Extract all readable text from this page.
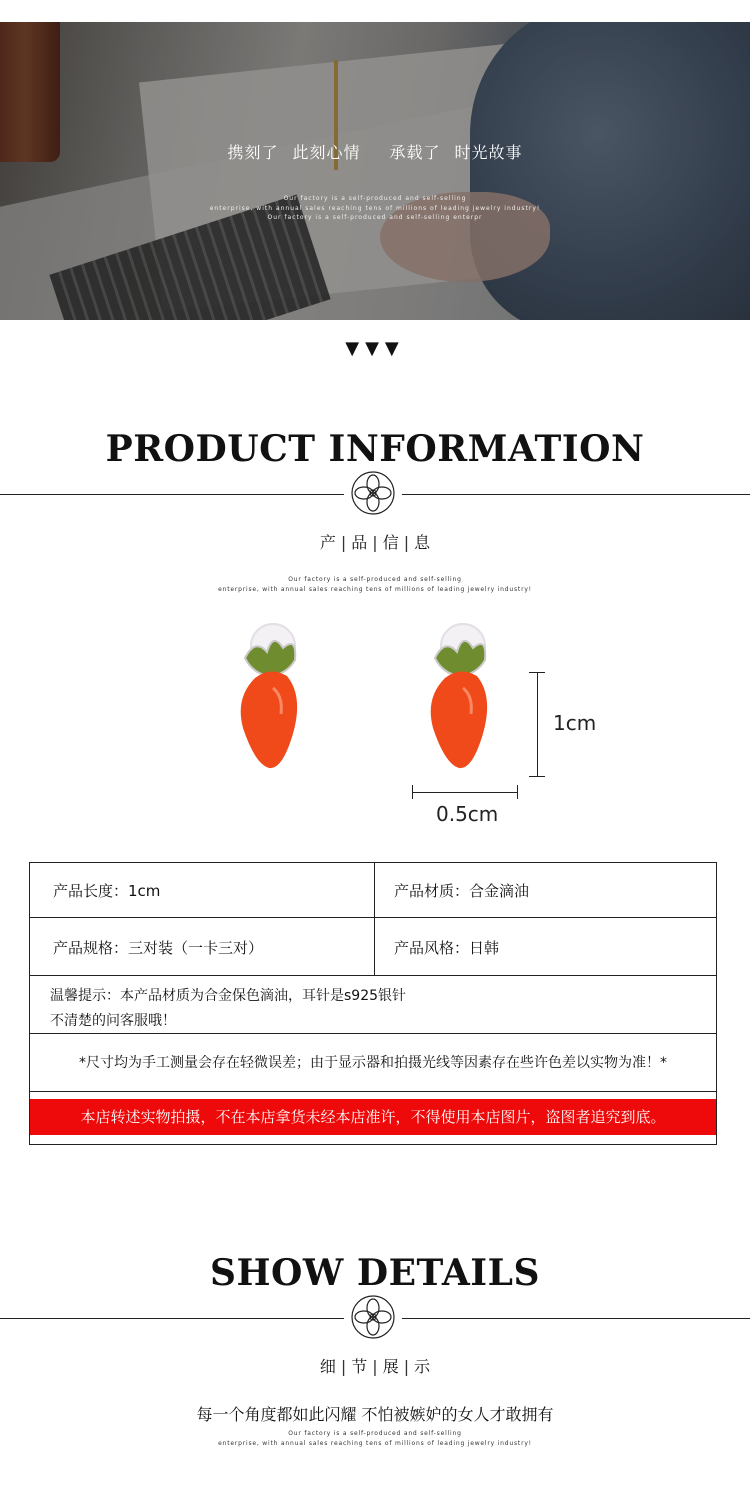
携刻了 此刻心情 承载了 时光故事
Our factory is a self-produced and self-selling
enterprise, with annual sales reaching tens of millions of leading jewelry industry!
Our factory is a self-produced and self-selling enterpr
▼▼▼
PRODUCT INFORMATION
产 | 品 | 信 | 息
Our factory is a self-produced and self-selling
enterprise, with annual sales reaching tens of millions of leading jewelry industry!
1cm
0.5cm
产品长度：1cm	产品材质：合金滴油
产品规格：三对装（一卡三对）	产品风格：日韩
温馨提示：本产品材质为合金保色滴油，耳针是s925银针
不清楚的问客服哦！
*尺寸均为手工测量会存在轻微误差；由于显示器和拍摄光线等因素存在些许色差以实物为准！*
本店转述实物拍摄，不在本店拿货未经本店准许，不得使用本店图片，盗图者追究到底。
SHOW DETAILS
细 | 节 | 展 | 示
每一个角度都如此闪耀 不怕被嫉妒的女人才敢拥有
Our factory is a self-produced and self-selling
enterprise, with annual sales reaching tens of millions of leading jewelry industry!
